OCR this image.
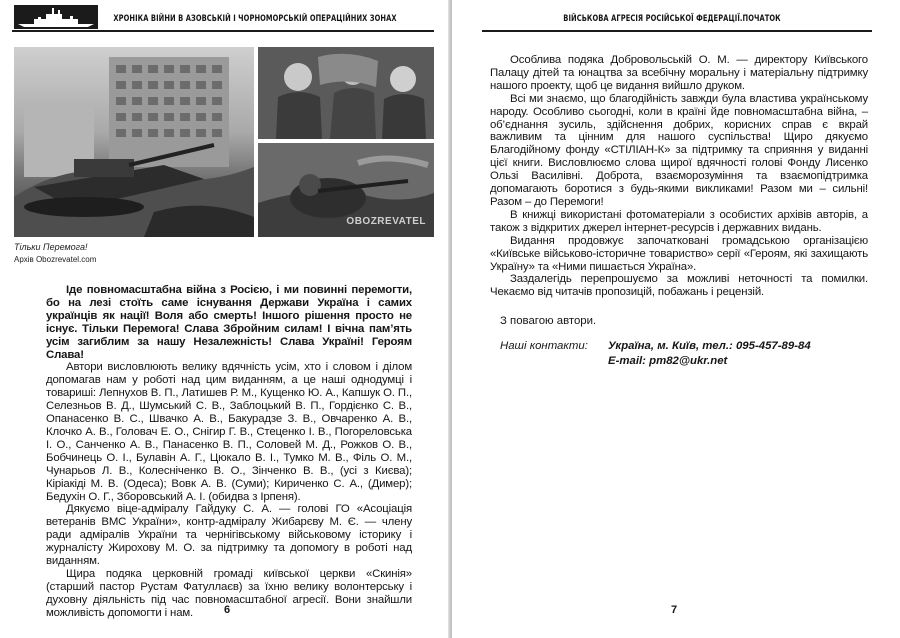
ХРОНІКА ВІЙНИ В АЗОВСЬКІЙ І ЧОРНОМОРСЬКІЙ ОПЕРАЦІЙНИХ ЗОНАХ
OBOZREVATEL
Тільки Перемога!
Архів Obozrevatel.com

Іде повномасштабна війна з Росією, і ми повинні перемогти, бо на лезі стоїть саме існування Держави Україна і самих українців як нації! Воля або смерть! Іншого рішення просто не існує. Тільки Перемога! Слава Збройним силам! І вічна пам’ять усім загиблим за нашу Незалежність! Слава Україні! Героям Слава!

Автори висловлюють велику вдячність усім, хто і словом і ділом допомагав нам у роботі над цим виданням, а це наші однодумці і товариші: Лепнухов В. П., Латишев Р. М., Кущенко Ю. А., Капшук О. П., Селезньов В. Д., Шумський С. В., Заблоцький В. П., Гордієнко С. В., Опанасенко В. С., Швачко А. В., Бакурадзе З. В., Овчаренко А. В., Клочко А. В., Головач Е. О., Снігир Г. В., Стеценко І. В., Погореловська І. О., Санченко А. В., Панасенко В. П., Соловей М. Д., Рожков О. В., Бобчинець О. І., Булавін А. Г., Цюкало В. І., Тумко М. В., Філь О. М., Чунарьов Л. В., Колесніченко В. О., Зінченко В. В., (усі з Києва); Кіріакіді М. В. (Одеса); Вовк А. В. (Суми); Кириченко С. А., (Димер); Бедухін О. Г., Зборовський А. І. (обидва з Ірпеня).

Дякуємо віце-адміралу Гайдуку С. А. — голові ГО «Асоціація ветеранів ВМС України», контр-адміралу Жибарєву М. Є. — члену ради адміралів України та чернігівському військовому історику і журналісту Жирохову М. О. за підтримку та допомогу в роботі над виданням.

Щира подяка церковній громаді київської церкви «Скинія» (старший пастор Рустам Фатуллаєв) за їхню велику волонтерську і духовну діяльність під час повномасштабної агресії. Вони знайшли можливість допомогти і нам.	6
ВІЙСЬКОВА АГРЕСІЯ РОСІЙСЬКОЇ ФЕДЕРАЦІЇ.ПОЧАТОК

Особлива подяка Добровольській О. М. — директору Київського Палацу дітей та юнацтва за всебічну моральну і матеріальну підтримку нашого проекту, щоб це видання вийшло друком.

Всі ми знаємо, що благодійність завжди була властива українському народу. Особливо сьогодні, коли в країні йде повномасштабна війна, – об’єднання зусиль, здійснення добрих, корисних справ є вкрай важливим та цінним для нашого суспільства! Щиро дякуємо Благодійному фонду «СТІЛІАН-К» за підтримку та сприяння у виданні цієї книги. Висловлюємо слова щирої вдячності голові Фонду Лисенко Ользі Василівні. Доброта, взаєморозуміння та взаємопідтримка допомагають боротися з будь-якими викликами! Разом ми – сильні! Разом – до Перемоги!

В книжці використані фотоматеріали з особистих архівів авторів, а також з відкритих джерел інтернет-ресурсів і державних видань.

Видання продовжує започатковані громадською організацією «Київське військово-історичне товариство» серії «Героям, які захищають Україну» та «Ними пишається Україна».

Заздалегідь перепрошуємо за можливі неточності та помилки. Чекаємо від читачів пропозицій, побажань і рецензій.

З повагою автори.
Наші контакти:	Україна, м. Київ, тел.: 095-457-89-84
E-mail: pm82@ukr.net
7
